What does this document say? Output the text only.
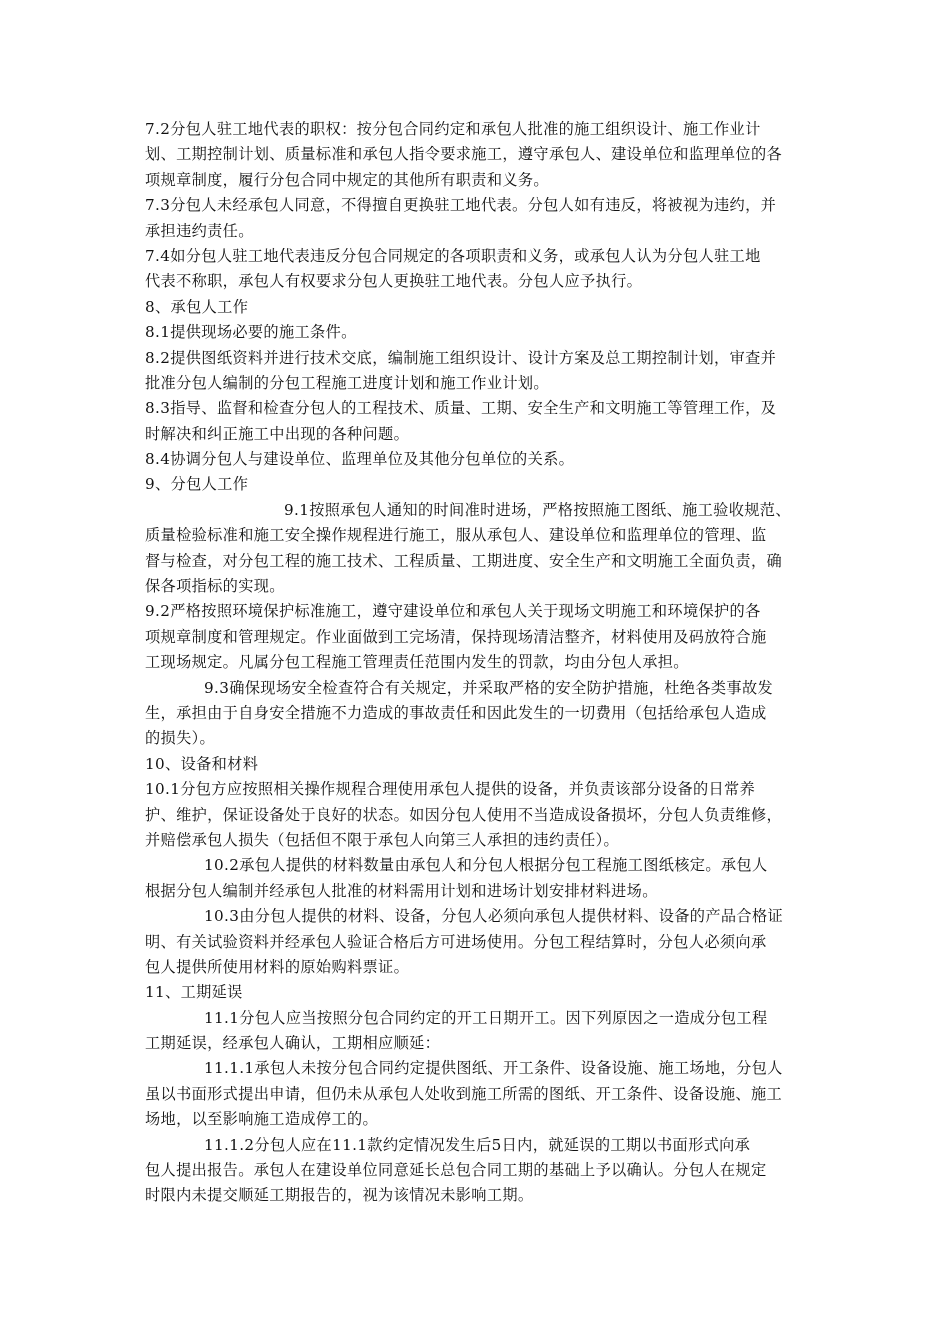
7.2分包人驻工地代表的职权：按分包合同约定和承包人批准的施工组织设计、施工作业计
划、工期控制计划、质量标准和承包人指令要求施工，遵守承包人、建设单位和监理单位的各
项规章制度，履行分包合同中规定的其他所有职责和义务。
7.3分包人未经承包人同意，不得擅自更换驻工地代表。分包人如有违反，将被视为违约，并
承担违约责任。
7.4如分包人驻工地代表违反分包合同规定的各项职责和义务，或承包人认为分包人驻工地
代表不称职，承包人有权要求分包人更换驻工地代表。分包人应予执行。
8、承包人工作
8.1提供现场必要的施工条件。
8.2提供图纸资料并进行技术交底，编制施工组织设计、设计方案及总工期控制计划，审查并
批准分包人编制的分包工程施工进度计划和施工作业计划。
8.3指导、监督和检查分包人的工程技术、质量、工期、安全生产和文明施工等管理工作，及
时解决和纠正施工中出现的各种问题。
8.4协调分包人与建设单位、监理单位及其他分包单位的关系。
9、分包人工作
9.1按照承包人通知的时间准时进场，严格按照施工图纸、施工验收规范、
质量检验标准和施工安全操作规程进行施工，服从承包人、建设单位和监理单位的管理、监
督与检查，对分包工程的施工技术、工程质量、工期进度、安全生产和文明施工全面负责，确
保各项指标的实现。
9.2严格按照环境保护标准施工，遵守建设单位和承包人关于现场文明施工和环境保护的各
项规章制度和管理规定。作业面做到工完场清，保持现场清洁整齐，材料使用及码放符合施
工现场规定。凡属分包工程施工管理责任范围内发生的罚款，均由分包人承担。
9.3确保现场安全检查符合有关规定，并采取严格的安全防护措施，杜绝各类事故发
生，承担由于自身安全措施不力造成的事故责任和因此发生的一切费用（包括给承包人造成
的损失）。
10、设备和材料
10.1分包方应按照相关操作规程合理使用承包人提供的设备，并负责该部分设备的日常养
护、维护，保证设备处于良好的状态。如因分包人使用不当造成设备损坏，分包人负责维修，
并赔偿承包人损失（包括但不限于承包人向第三人承担的违约责任）。
10.2承包人提供的材料数量由承包人和分包人根据分包工程施工图纸核定。承包人
根据分包人编制并经承包人批准的材料需用计划和进场计划安排材料进场。
10.3由分包人提供的材料、设备，分包人必须向承包人提供材料、设备的产品合格证
明、有关试验资料并经承包人验证合格后方可进场使用。分包工程结算时，分包人必须向承
包人提供所使用材料的原始购料票证。
11、工期延误
11.1分包人应当按照分包合同约定的开工日期开工。因下列原因之一造成分包工程
工期延误，经承包人确认，工期相应顺延：
11.1.1承包人未按分包合同约定提供图纸、开工条件、设备设施、施工场地，分包人
虽以书面形式提出申请，但仍未从承包人处收到施工所需的图纸、开工条件、设备设施、施工
场地，以至影响施工造成停工的。
11.1.2分包人应在11.1款约定情况发生后5日内，就延误的工期以书面形式向承
包人提出报告。承包人在建设单位同意延长总包合同工期的基础上予以确认。分包人在规定
时限内未提交顺延工期报告的，视为该情况未影响工期。
